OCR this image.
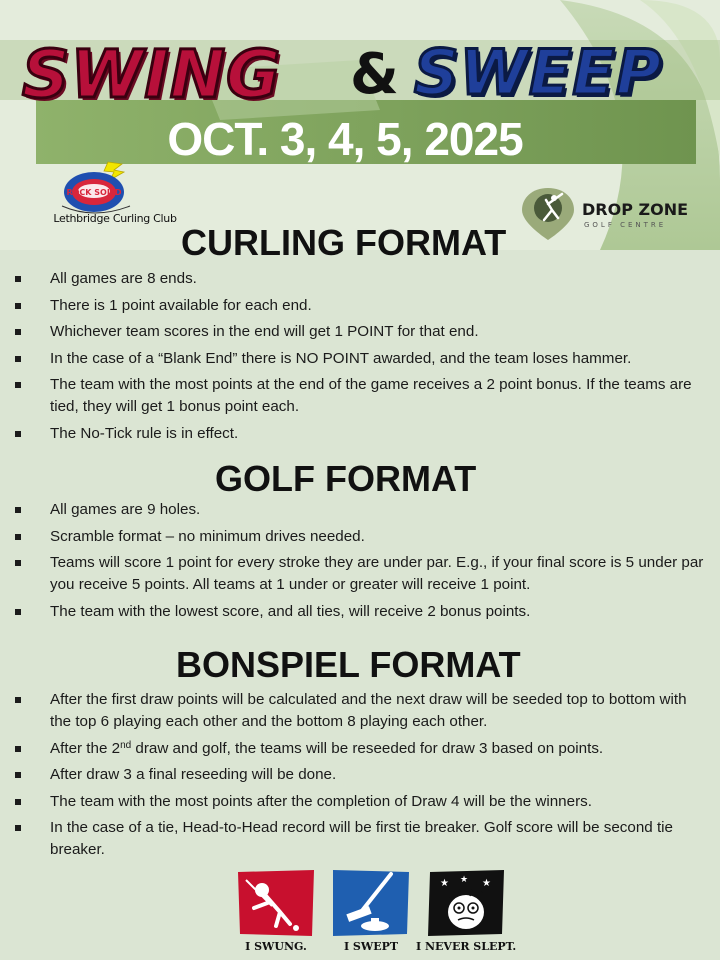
SWING & SWEEP
OCT. 3, 4, 5, 2025
ROCK SOLID
Lethbridge Curling Club	DROP ZONE
GOLF CENTRE
CURLING FORMAT
All games are 8 ends.
There is 1 point available for each end.
Whichever team scores in the end will get 1 POINT for that end.
In the case of a “Blank End” there is NO POINT awarded, and the team loses hammer.
The team with the most points at the end of the game receives a 2 point bonus. If the teams are tied, they will get 1 bonus point each.
The No-Tick rule is in effect.
GOLF FORMAT
All games are 9 holes.
Scramble format – no minimum drives needed.
Teams will score 1 point for every stroke they are under par. E.g., if your final score is 5 under par you receive 5 points. All teams at 1 under or greater will receive 1 point.
The team with the lowest score, and all ties, will receive 2 bonus points.
BONSPIEL FORMAT
After the first draw points will be calculated and the next draw will be seeded top to bottom with the top 6 playing each other and the bottom 8 playing each other.
After the 2nd draw and golf, the teams will be reseeded for draw 3 based on points.
After draw 3 a final reseeding will be done.
The team with the most points after the completion of Draw 4 will be the winners.
In the case of a tie, Head-to-Head record will be first tie breaker. Golf score will be second tie breaker.
I SWUNG.	I SWEPT
★ ★ ★
I NEVER SLEPT.
